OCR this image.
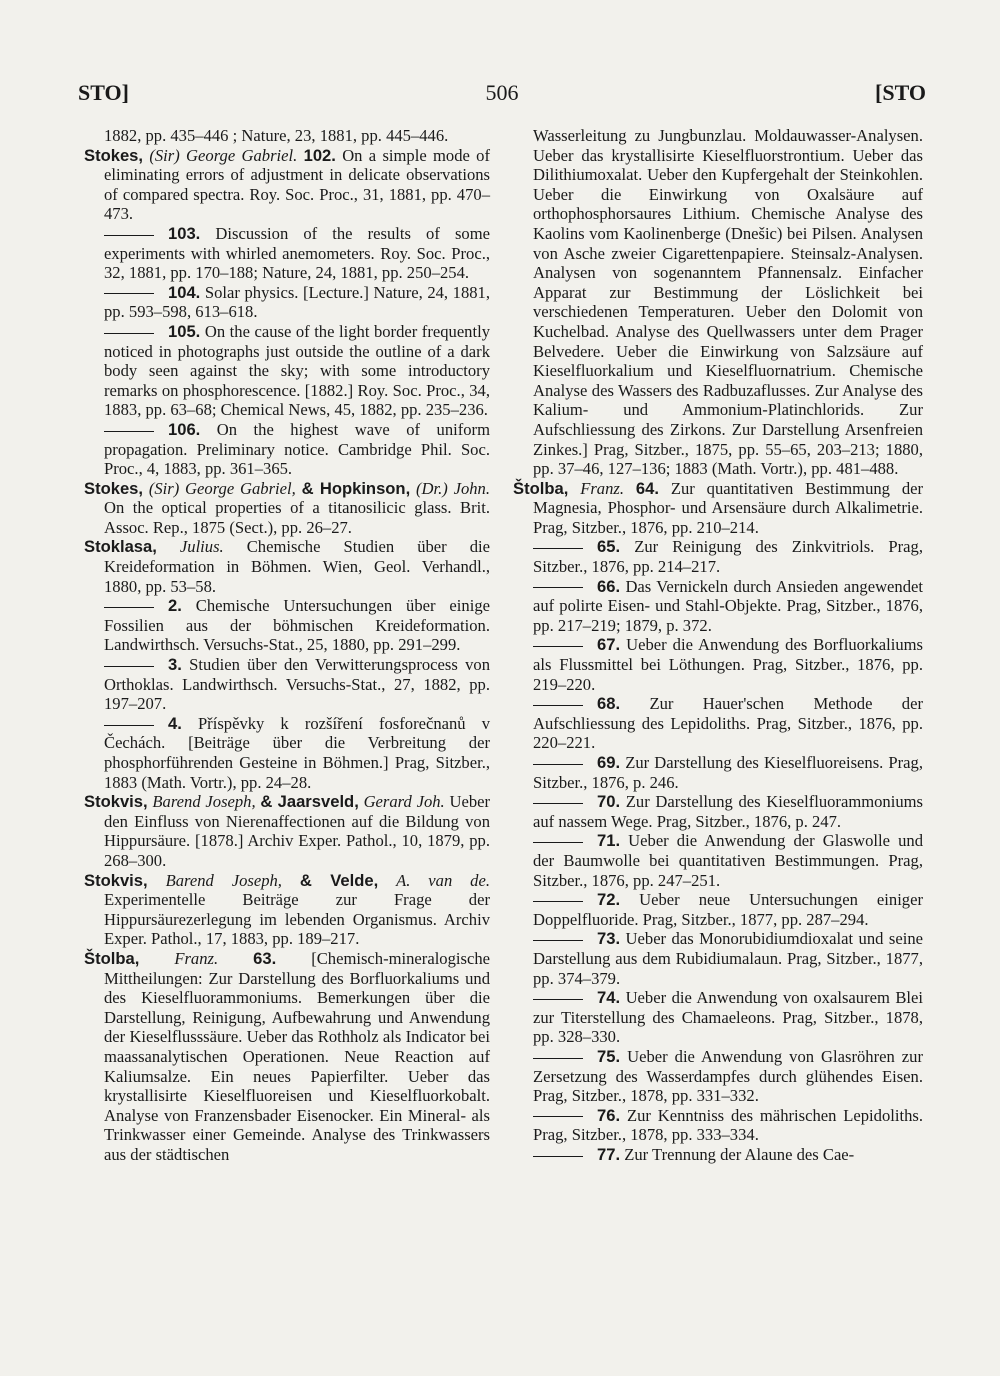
STO]	506	[STO

1882, pp. 435–446 ; Nature, 23, 1881, pp. 445–446.

Stokes, (Sir) George Gabriel. 102. On a simple mode of eliminating errors of adjustment in delicate observations of compared spectra. Roy. Soc. Proc., 31, 1881, pp. 470–473.

103. Discussion of the results of some experiments with whirled anemometers. Roy. Soc. Proc., 32, 1881, pp. 170–188; Nature, 24, 1881, pp. 250–254.

104. Solar physics. [Lecture.] Nature, 24, 1881, pp. 593–598, 613–618.

105. On the cause of the light border frequently noticed in photographs just outside the outline of a dark body seen against the sky; with some introductory remarks on phosphorescence. [1882.] Roy. Soc. Proc., 34, 1883, pp. 63–68; Chemical News, 45, 1882, pp. 235–236.

106. On the highest wave of uniform propagation. Preliminary notice. Cambridge Phil. Soc. Proc., 4, 1883, pp. 361–365.

Stokes, (Sir) George Gabriel, & Hopkinson, (Dr.) John. On the optical properties of a titanosilicic glass. Brit. Assoc. Rep., 1875 (Sect.), pp. 26–27.

Stoklasa, Julius. Chemische Studien über die Kreideformation in Böhmen. Wien, Geol. Verhandl., 1880, pp. 53–58.

2. Chemische Untersuchungen über einige Fossilien aus der böhmischen Kreideformation. Landwirthsch. Versuchs-Stat., 25, 1880, pp. 291–299.

3. Studien über den Verwitterungsprocess von Orthoklas. Landwirthsch. Versuchs-Stat., 27, 1882, pp. 197–207.

4. Příspěvky k rozšíření fosforečnanů v Čechách. [Beiträge über die Verbreitung der phosphorführenden Gesteine in Böhmen.] Prag, Sitzber., 1883 (Math. Vortr.), pp. 24–28.

Stokvis, Barend Joseph, & Jaarsveld, Gerard Joh. Ueber den Einfluss von Nierenaffectionen auf die Bildung von Hippursäure. [1878.] Archiv Exper. Pathol., 10, 1879, pp. 268–300.

Stokvis, Barend Joseph, & Velde, A. van de. Experimentelle Beiträge zur Frage der Hippursäurezerlegung im lebenden Organismus. Archiv Exper. Pathol., 17, 1883, pp. 189–217.

Štolba, Franz. 63. [Chemisch-mineralogische Mittheilungen: Zur Darstellung des Borfluorkaliums und des Kieselfluorammoniums. Bemerkungen über die Darstellung, Reinigung, Aufbewahrung und Anwendung der Kieselflusssäure. Ueber das Rothholz als Indicator bei maassanalytischen Operationen. Neue Reaction auf Kaliumsalze. Ein neues Papierfilter. Ueber das krystallisirte Kieselfluoreisen und Kieselfluorkobalt. Analyse von Franzensbader Eisenocker. Ein Mineral- als Trinkwasser einer Gemeinde. Analyse des Trinkwassers aus der städtischen

Wasserleitung zu Jungbunzlau. Moldauwasser-Analysen. Ueber das krystallisirte Kieselfluorstrontium. Ueber das Dilithiumoxalat. Ueber den Kupfergehalt der Steinkohlen. Ueber die Einwirkung von Oxalsäure auf orthophosphorsaures Lithium. Chemische Analyse des Kaolins vom Kaolinenberge (Dnešic) bei Pilsen. Analysen von Asche zweier Cigarettenpapiere. Steinsalz-Analysen. Analysen von sogenanntem Pfannensalz. Einfacher Apparat zur Bestimmung der Löslichkeit bei verschiedenen Temperaturen. Ueber den Dolomit von Kuchelbad. Analyse des Quellwassers unter dem Prager Belvedere. Ueber die Einwirkung von Salzsäure auf Kieselfluorkalium und Kieselfluornatrium. Chemische Analyse des Wassers des Radbuzaflusses. Zur Analyse des Kalium- und Ammonium-Platinchlorids. Zur Aufschliessung des Zirkons. Zur Darstellung Arsenfreien Zinkes.] Prag, Sitzber., 1875, pp. 55–65, 203–213; 1880, pp. 37–46, 127–136; 1883 (Math. Vortr.), pp. 481–488.

Štolba, Franz. 64. Zur quantitativen Bestimmung der Magnesia, Phosphor- und Arsensäure durch Alkalimetrie. Prag, Sitzber., 1876, pp. 210–214.

65. Zur Reinigung des Zinkvitriols. Prag, Sitzber., 1876, pp. 214–217.

66. Das Vernickeln durch Ansieden angewendet auf polirte Eisen- und Stahl-Objekte. Prag, Sitzber., 1876, pp. 217–219; 1879, p. 372.

67. Ueber die Anwendung des Borfluorkaliums als Flussmittel bei Löthungen. Prag, Sitzber., 1876, pp. 219–220.

68. Zur Hauer'schen Methode der Aufschliessung des Lepidoliths. Prag, Sitzber., 1876, pp. 220–221.

69. Zur Darstellung des Kieselfluoreisens. Prag, Sitzber., 1876, p. 246.

70. Zur Darstellung des Kieselfluorammoniums auf nassem Wege. Prag, Sitzber., 1876, p. 247.

71. Ueber die Anwendung der Glaswolle und der Baumwolle bei quantitativen Bestimmungen. Prag, Sitzber., 1876, pp. 247–251.

72. Ueber neue Untersuchungen einiger Doppelfluoride. Prag, Sitzber., 1877, pp. 287–294.

73. Ueber das Monorubidiumdioxalat und seine Darstellung aus dem Rubidiumalaun. Prag, Sitzber., 1877, pp. 374–379.

74. Ueber die Anwendung von oxalsaurem Blei zur Titerstellung des Chamaeleons. Prag, Sitzber., 1878, pp. 328–330.

75. Ueber die Anwendung von Glasröhren zur Zersetzung des Wasserdampfes durch glühendes Eisen. Prag, Sitzber., 1878, pp. 331–332.

76. Zur Kenntniss des mährischen Lepidoliths. Prag, Sitzber., 1878, pp. 333–334.

77. Zur Trennung der Alaune des Cae-
